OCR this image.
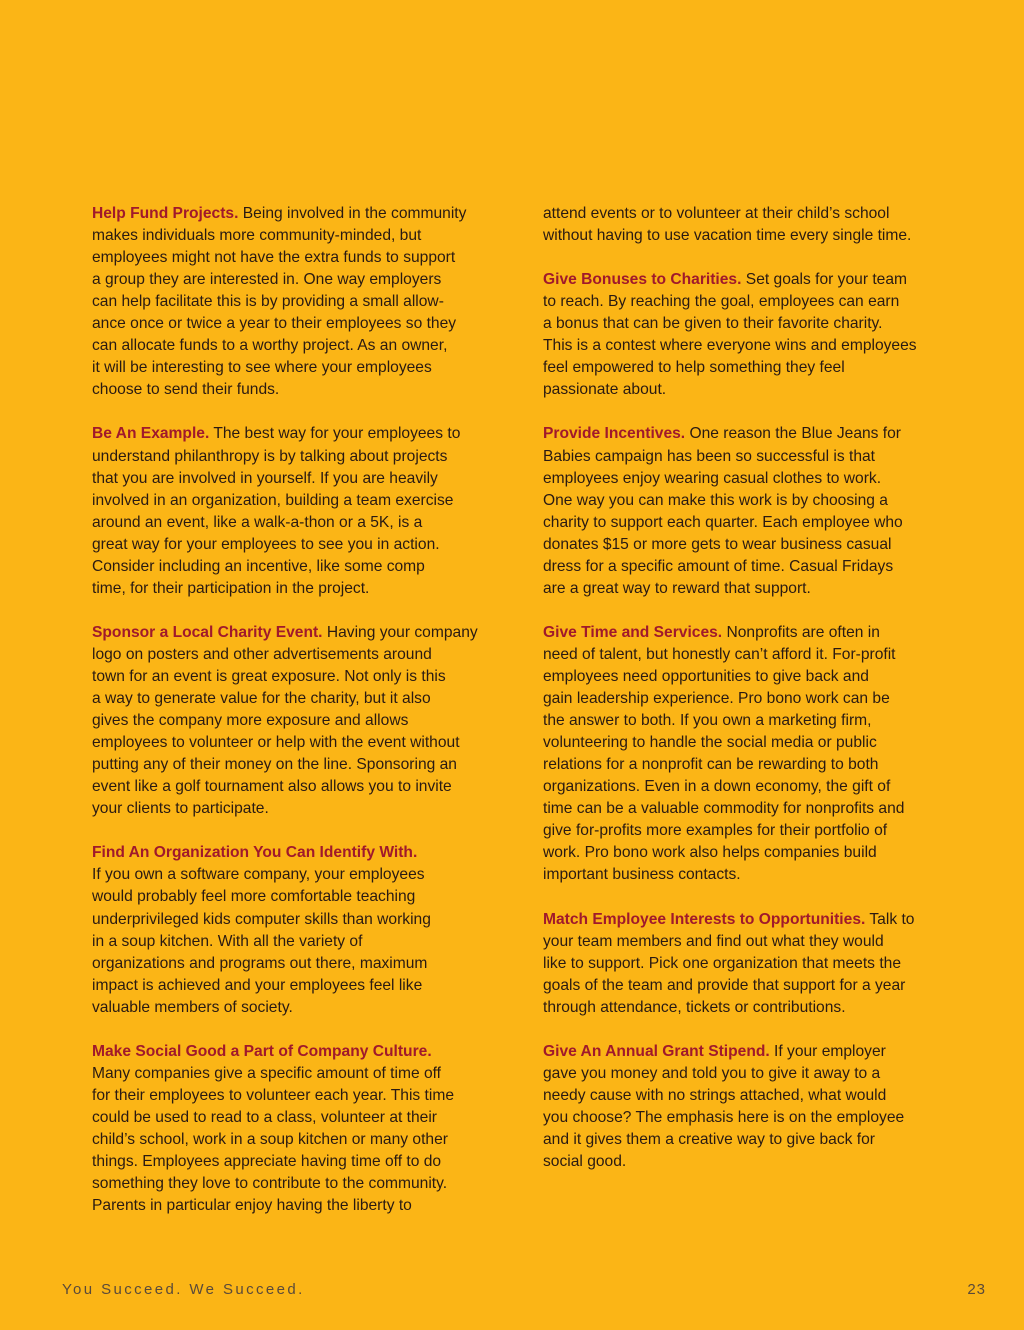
Help Fund Projects. Being involved in the community
makes individuals more community-minded, but
employees might not have the extra funds to support
a group they are interested in. One way employers
can help facilitate this is by providing a small allow-
ance once or twice a year to their employees so they
can allocate funds to a worthy project. As an owner,
it will be interesting to see where your employees
choose to send their funds.
Be An Example. The best way for your employees to
understand philanthropy is by talking about projects
that you are involved in yourself. If you are heavily
involved in an organization, building a team exercise
around an event, like a walk-a-thon or a 5K, is a
great way for your employees to see you in action.
Consider including an incentive, like some comp
time, for their participation in the project.
Sponsor a Local Charity Event. Having your company
logo on posters and other advertisements around
town for an event is great exposure. Not only is this
a way to generate value for the charity, but it also
gives the company more exposure and allows
employees to volunteer or help with the event without
putting any of their money on the line. Sponsoring an
event like a golf tournament also allows you to invite
your clients to participate.
Find An Organization You Can Identify With.
If you own a software company, your employees
would probably feel more comfortable teaching
underprivileged kids computer skills than working
in a soup kitchen. With all the variety of
organizations and programs out there, maximum
impact is achieved and your employees feel like
valuable members of society.
Make Social Good a Part of Company Culture.
Many companies give a specific amount of time off
for their employees to volunteer each year. This time
could be used to read to a class, volunteer at their
child’s school, work in a soup kitchen or many other
things. Employees appreciate having time off to do
something they love to contribute to the community.
Parents in particular enjoy having the liberty to
attend events or to volunteer at their child’s school
without having to use vacation time every single time.
Give Bonuses to Charities. Set goals for your team
to reach. By reaching the goal, employees can earn
a bonus that can be given to their favorite charity.
This is a contest where everyone wins and employees
feel empowered to help something they feel
passionate about.
Provide Incentives. One reason the Blue Jeans for
Babies campaign has been so successful is that
employees enjoy wearing casual clothes to work.
One way you can make this work is by choosing a
charity to support each quarter. Each employee who
donates $15 or more gets to wear business casual
dress for a specific amount of time. Casual Fridays
are a great way to reward that support.
Give Time and Services. Nonprofits are often in
need of talent, but honestly can’t afford it. For-profit
employees need opportunities to give back and
gain leadership experience. Pro bono work can be
the answer to both. If you own a marketing firm,
volunteering to handle the social media or public
relations for a nonprofit can be rewarding to both
organizations. Even in a down economy, the gift of
time can be a valuable commodity for nonprofits and
give for-profits more examples for their portfolio of
work. Pro bono work also helps companies build
important business contacts.
Match Employee Interests to Opportunities. Talk to
your team members and find out what they would
like to support. Pick one organization that meets the
goals of the team and provide that support for a year
through attendance, tickets or contributions.
Give An Annual Grant Stipend. If your employer
gave you money and told you to give it away to a
needy cause with no strings attached, what would
you choose? The emphasis here is on the employee
and it gives them a creative way to give back for
social good.
You Succeed. We Succeed.	23
